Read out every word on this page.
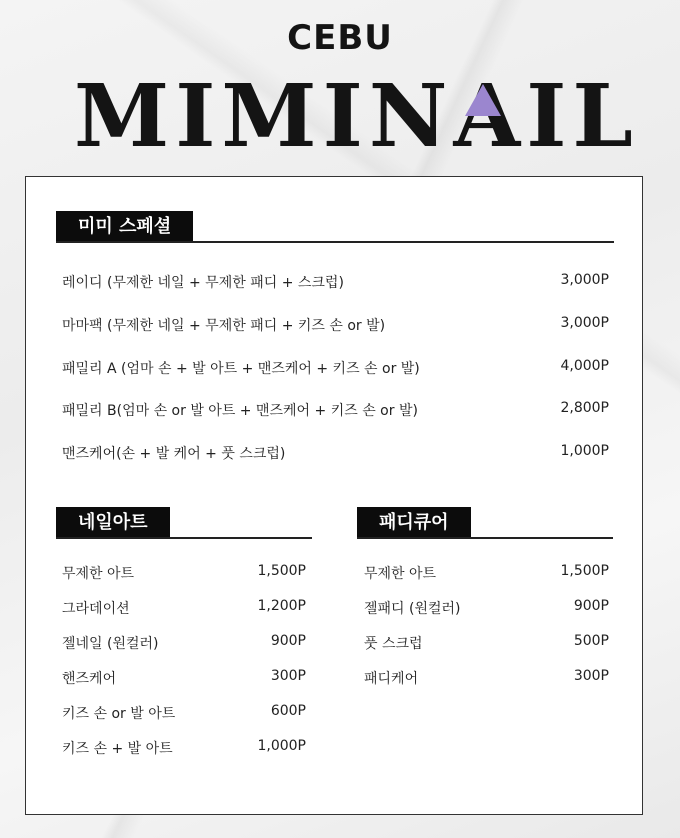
CEBU
MIMINAIL
미미 스페셜
레이디 (무제한 네일 + 무제한 패디 + 스크럽)	3,000P
마마팩 (무제한 네일 + 무제한 패디 + 키즈 손 or 발)	3,000P
패밀리 A (엄마 손 + 발 아트 + 맨즈케어 + 키즈 손 or 발)	4,000P
패밀리 B(엄마 손 or 발 아트 + 맨즈케어 + 키즈 손 or 발)	2,800P
맨즈케어(손 + 발 케어 + 풋 스크럽)	1,000P
네일아트
무제한 아트	1,500P
그라데이션	1,200P
젤네일 (원컬러)	900P
핸즈케어	300P
키즈 손 or 발 아트	600P
키즈 손 + 발 아트	1,000P
패디큐어
무제한 아트	1,500P
젤패디 (원컬러)	900P
풋 스크럽	500P
패디케어	300P
